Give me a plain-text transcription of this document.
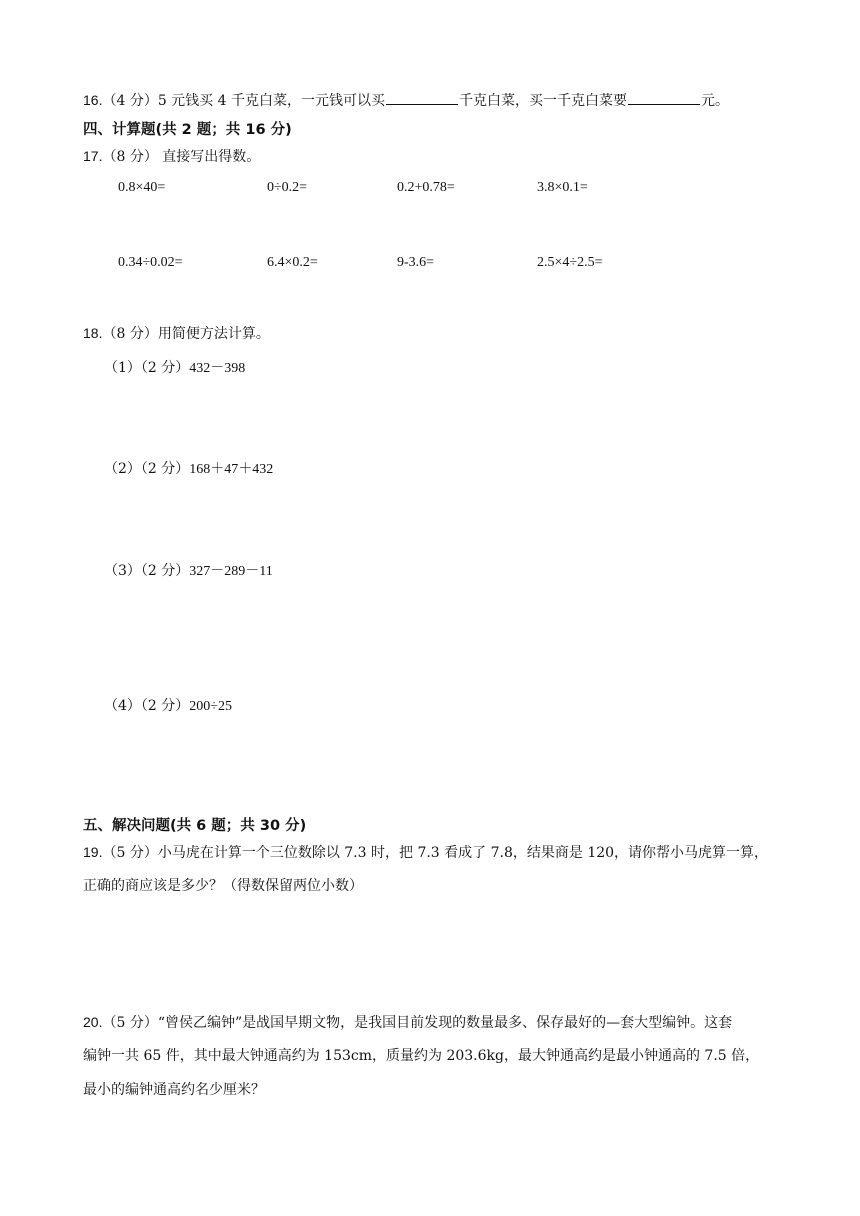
16.（4 分）5 元钱买 4 千克白菜，一元钱可以买	千克白菜，买一千克白菜要	元。
四、计算题(共 2 题；共 16 分)
17.（8 分） 直接写出得数。
0.8×40=	0÷0.2=	0.2+0.78=	3.8×0.1=
0.34÷0.02=	6.4×0.2=	9-3.6=	2.5×4÷2.5=
18.（8 分）用简便方法计算。
（1）（2 分）432－398
（2）（2 分）168＋47＋432
（3）（2 分）327－289－11
（4）（2 分）200÷25
五、解决问题(共 6 题；共 30 分)
19.（5 分）小马虎在计算一个三位数除以 7.3 时，把 7.3 看成了 7.8，结果商是 120，请你帮小马虎算一算，
正确的商应该是多少？（得数保留两位小数）
20.（5 分）“曾侯乙编钟”是战国早期文物，是我国目前发现的数量最多、保存最好的—套大型编钟。这套
编钟一共 65 件，其中最大钟通高约为 153cm，质量约为 203.6kg，最大钟通高约是最小钟通高的 7.5 倍，
最小的编钟通高约名少厘米？
